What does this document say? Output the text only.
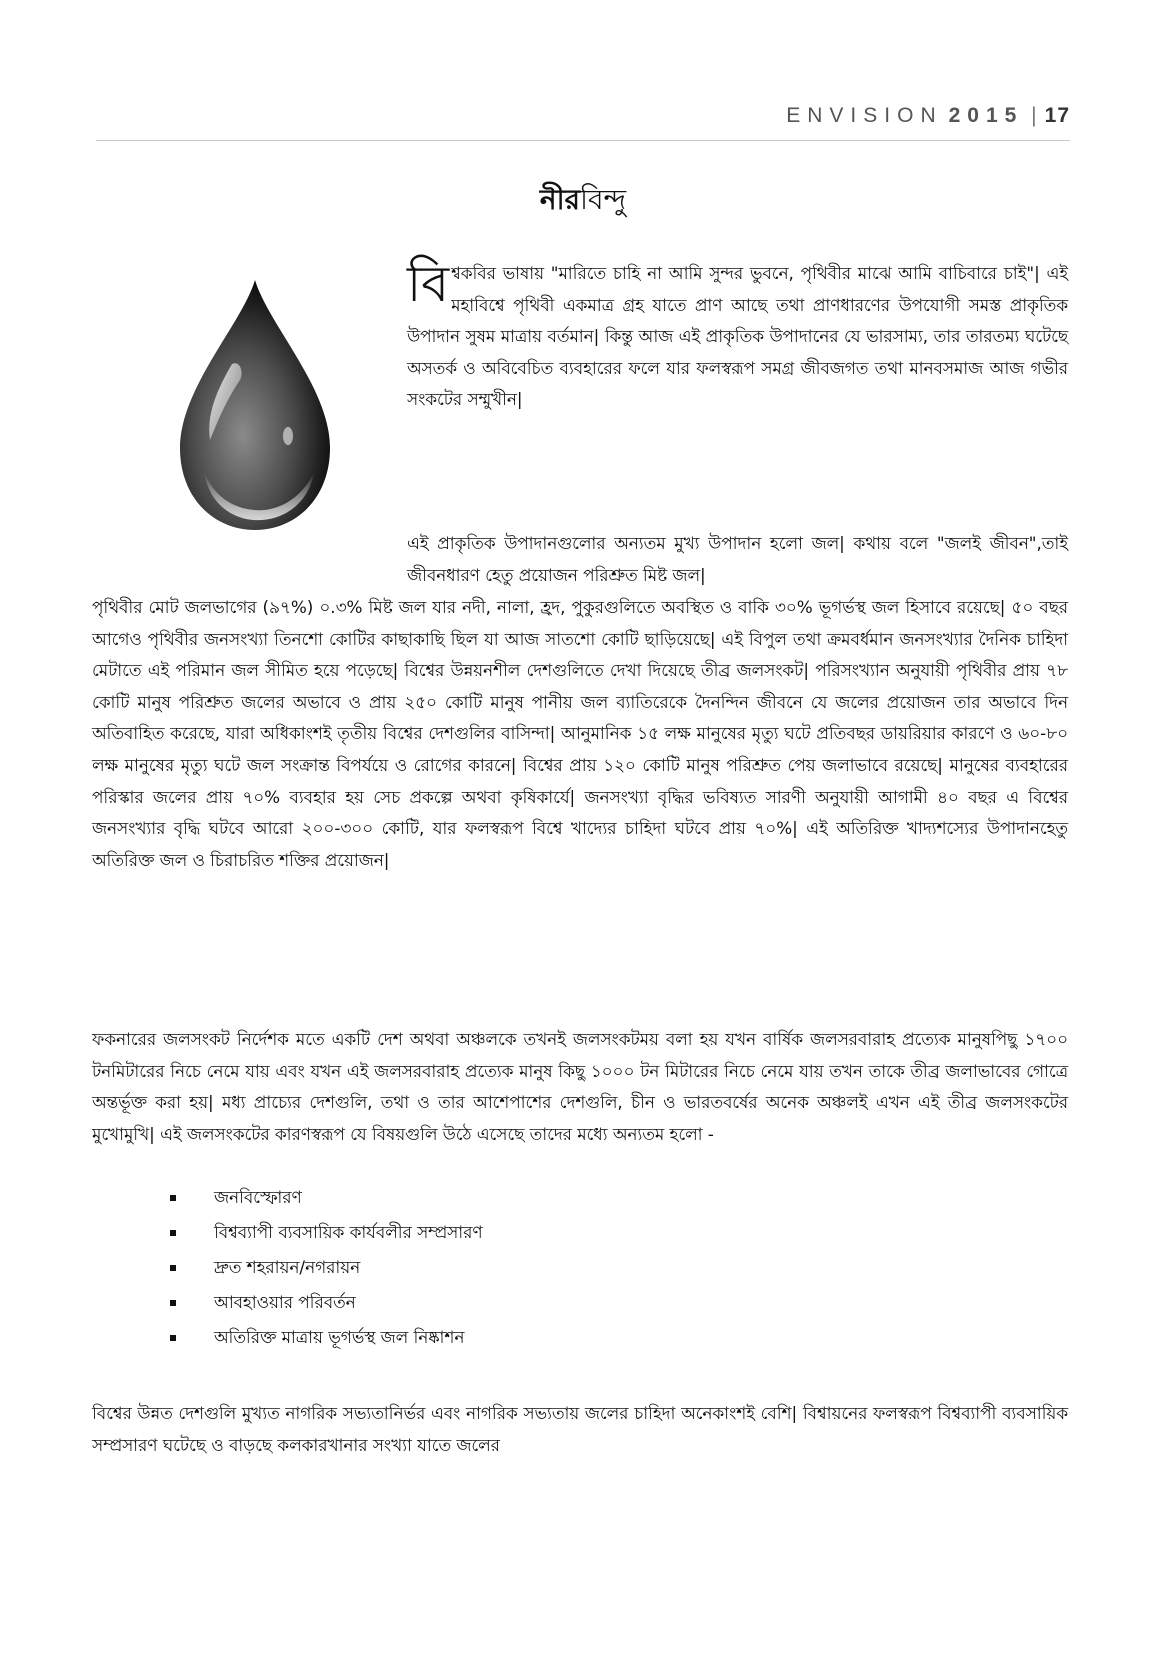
ENVISION 2015 | 17
নীরবিন্দু

বিশ্বকবির ভাষায় "মারিতে চাহি না আমি সুন্দর ভুবনে, পৃথিবীর মাঝে আমি বাচিবারে চাই"| এই মহাবিশ্বে পৃথিবী একমাত্র গ্রহ যাতে প্রাণ আছে তথা প্রাণধারণের উপযোগী সমস্ত প্রাকৃতিক উপাদান সুষম মাত্রায় বর্তমান| কিন্তু আজ এই প্রাকৃতিক উপাদানের যে ভারসাম্য, তার তারতম্য ঘটেছে অসতর্ক ও অবিবেচিত ব্যবহারের ফলে যার ফলস্বরূপ সমগ্র জীবজগত তথা মানবসমাজ আজ গভীর সংকটের সম্মুখীন|

এই প্রাকৃতিক উপাদানগুলোর অন্যতম মুখ্য উপাদান হলো জল| কথায় বলে "জলই জীবন",তাই জীবনধারণ হেতু প্রয়োজন পরিশ্রুত মিষ্ট জল|

পৃথিবীর মোট জলভাগের (৯৭%) ০.৩% মিষ্ট জল যার নদী, নালা, হ্রদ, পুকুরগুলিতে অবস্থিত ও বাকি ৩০% ভূগর্ভস্থ জল হিসাবে রয়েছে| ৫০ বছর আগেও পৃথিবীর জনসংখ্যা তিনশো কোটির কাছাকাছি ছিল যা আজ সাতশো কোটি ছাড়িয়েছে| এই বিপুল তথা ক্রমবর্ধমান জনসংখ্যার দৈনিক চাহিদা মেটাতে এই পরিমান জল সীমিত হয়ে পড়েছে| বিশ্বের উন্নয়নশীল দেশগুলিতে দেখা দিয়েছে তীব্র জলসংকট| পরিসংখ্যান অনুযায়ী পৃথিবীর প্রায় ৭৮ কোটি মানুষ পরিশ্রুত জলের অভাবে ও প্রায় ২৫০ কোটি মানুষ পানীয় জল ব্যাতিরেকে দৈনন্দিন জীবনে যে জলের প্রয়োজন তার অভাবে দিন অতিবাহিত করেছে, যারা অধিকাংশই তৃতীয় বিশ্বের দেশগুলির বাসিন্দা| আনুমানিক ১৫ লক্ষ মানুষের মৃত্যু ঘটে প্রতিবছর ডায়রিয়ার কারণে ও ৬০-৮০ লক্ষ মানুষের মৃত্যু ঘটে জল সংক্রান্ত বিপর্যয়ে ও রোগের কারনে| বিশ্বের প্রায় ১২০ কোটি মানুষ পরিশ্রুত পেয় জলাভাবে রয়েছে| মানুষের ব্যবহারের পরিস্কার জলের প্রায় ৭০% ব্যবহার হয় সেচ প্রকল্পে অথবা কৃষিকার্যে| জনসংখ্যা বৃদ্ধির ভবিষ্যত সারণী অনুযায়ী আগামী ৪০ বছর এ বিশ্বের জনসংখ্যার বৃদ্ধি ঘটবে আরো ২০০-৩০০ কোটি, যার ফলস্বরূপ বিশ্বে খাদ্যের চাহিদা ঘটবে প্রায় ৭০%| এই অতিরিক্ত খাদ্যশস্যের উপাদানহেতু অতিরিক্ত জল ও চিরাচরিত শক্তির প্রয়োজন|

ফকনারের জলসংকট নির্দেশক মতে একটি দেশ অথবা অঞ্চলকে তখনই জলসংকটময় বলা হয় যখন বার্ষিক জলসরবারাহ প্রত্যেক মানুষপিছু ১৭০০ টনমিটারের নিচে নেমে যায় এবং যখন এই জলসরবারাহ প্রত্যেক মানুষ কিছু ১০০০ টন মিটারের নিচে নেমে যায় তখন তাকে তীব্র জলাভাবের গোত্রে অন্তর্ভূক্ত করা হয়| মধ্য প্রাচ্যের দেশগুলি, তথা ও তার আশেপাশের দেশগুলি, চীন ও ভারতবর্ষের অনেক অঞ্চলই এখন এই তীব্র জলসংকটের মুখোমুখি| এই জলসংকটের কারণস্বরূপ যে বিষয়গুলি উঠে এসেছে তাদের মধ্যে অন্যতম হলো -

জনবিস্ফোরণ
বিশ্বব্যাপী ব্যবসায়িক কার্যবলীর সম্প্রসারণ
দ্রুত শহরায়ন/নগরায়ন
আবহাওয়ার পরিবর্তন
অতিরিক্ত মাত্রায় ভূগর্ভস্থ জল নিষ্কাশন

বিশ্বের উন্নত দেশগুলি মুখ্যত নাগরিক সভ্যতানির্ভর এবং নাগরিক সভ্যতায় জলের চাহিদা অনেকাংশই বেশি| বিশ্বায়নের ফলস্বরূপ বিশ্বব্যাপী ব্যবসায়িক সম্প্রসারণ ঘটেছে ও বাড়ছে কলকারখানার সংখ্যা যাতে জলের
